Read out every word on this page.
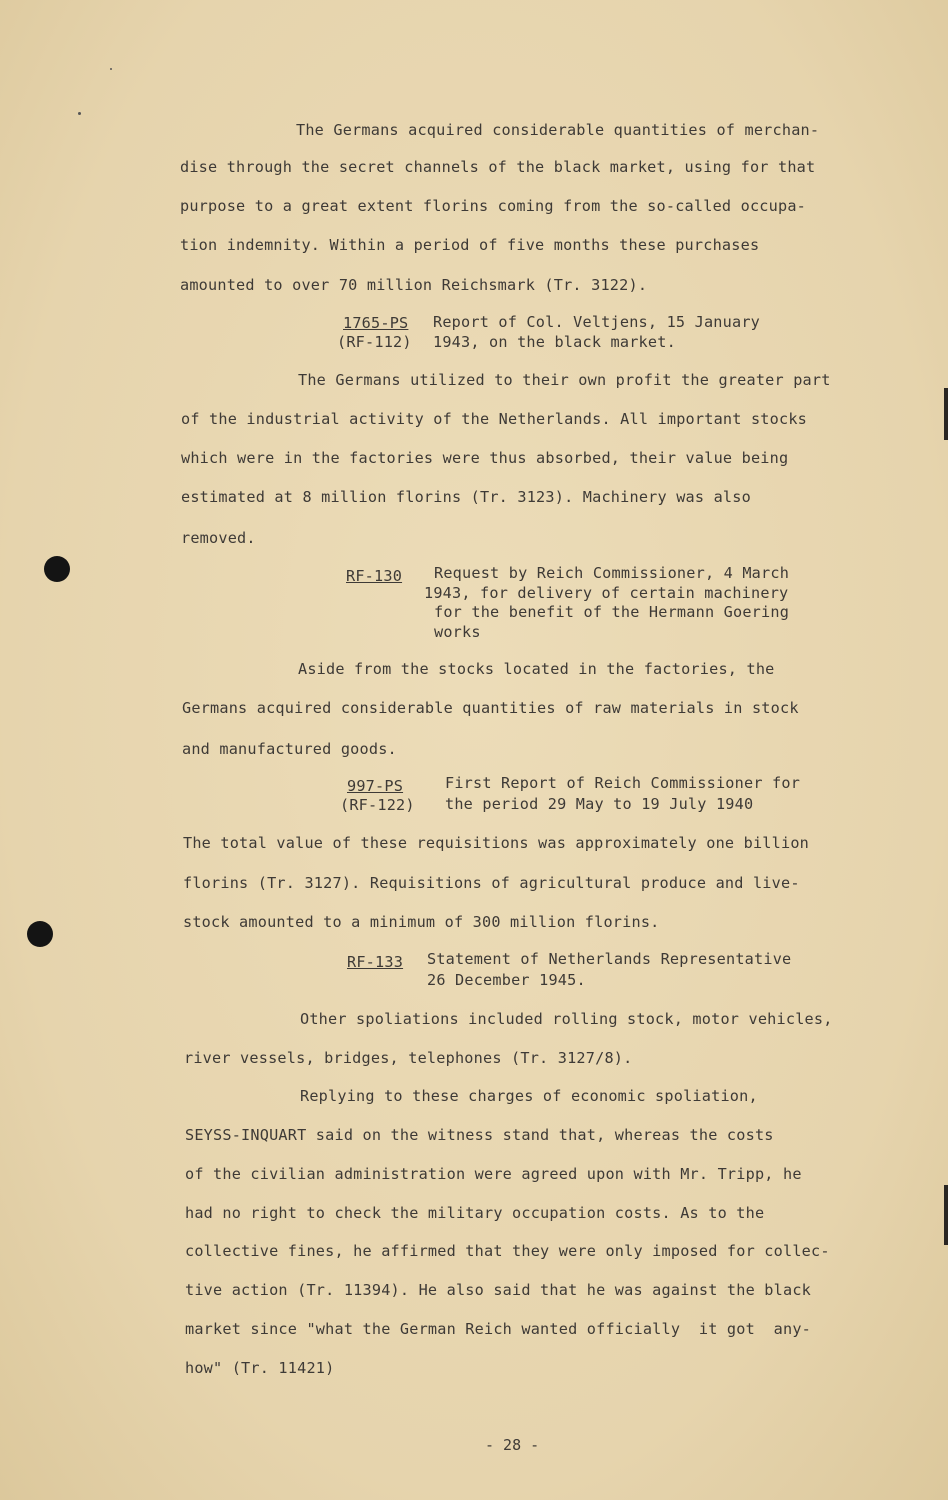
The Germans acquired considerable quantities of merchan-
dise through the secret channels of the black market, using for that
purpose to a great extent florins coming from the so-called occupa-
tion indemnity. Within a period of five months these purchases
amounted to over 70 million Reichsmark (Tr. 3122).
1765-PS
(RF-112)
Report of Col. Veltjens, 15 January
1943, on the black market.
The Germans utilized to their own profit the greater part
of the industrial activity of the Netherlands. All important stocks
which were in the factories were thus absorbed, their value being
estimated at 8 million florins (Tr. 3123). Machinery was also
removed.
RF-130 Request by Reich Commissioner, 4 March
1943, for delivery of certain machinery
for the benefit of the Hermann Goering
works
Aside from the stocks located in the factories, the
Germans acquired considerable quantities of raw materials in stock
and manufactured goods.
997-PS
(RF-122)
First Report of Reich Commissioner for
the period 29 May to 19 July 1940
The total value of these requisitions was approximately one billion
florins (Tr. 3127). Requisitions of agricultural produce and live-
stock amounted to a minimum of 300 million florins.
RF-133 Statement of Netherlands Representative
26 December 1945.
Other spoliations included rolling stock, motor vehicles,
river vessels, bridges, telephones (Tr. 3127/8).
Replying to these charges of economic spoliation,
SEYSS-INQUART said on the witness stand that, whereas the costs
of the civilian administration were agreed upon with Mr. Tripp, he
had no right to check the military occupation costs. As to the
collective fines, he affirmed that they were only imposed for collec-
tive action (Tr. 11394). He also said that he was against the black
market since "what the German Reich wanted officially  it got  any-
how" (Tr. 11421)
- 28 -
